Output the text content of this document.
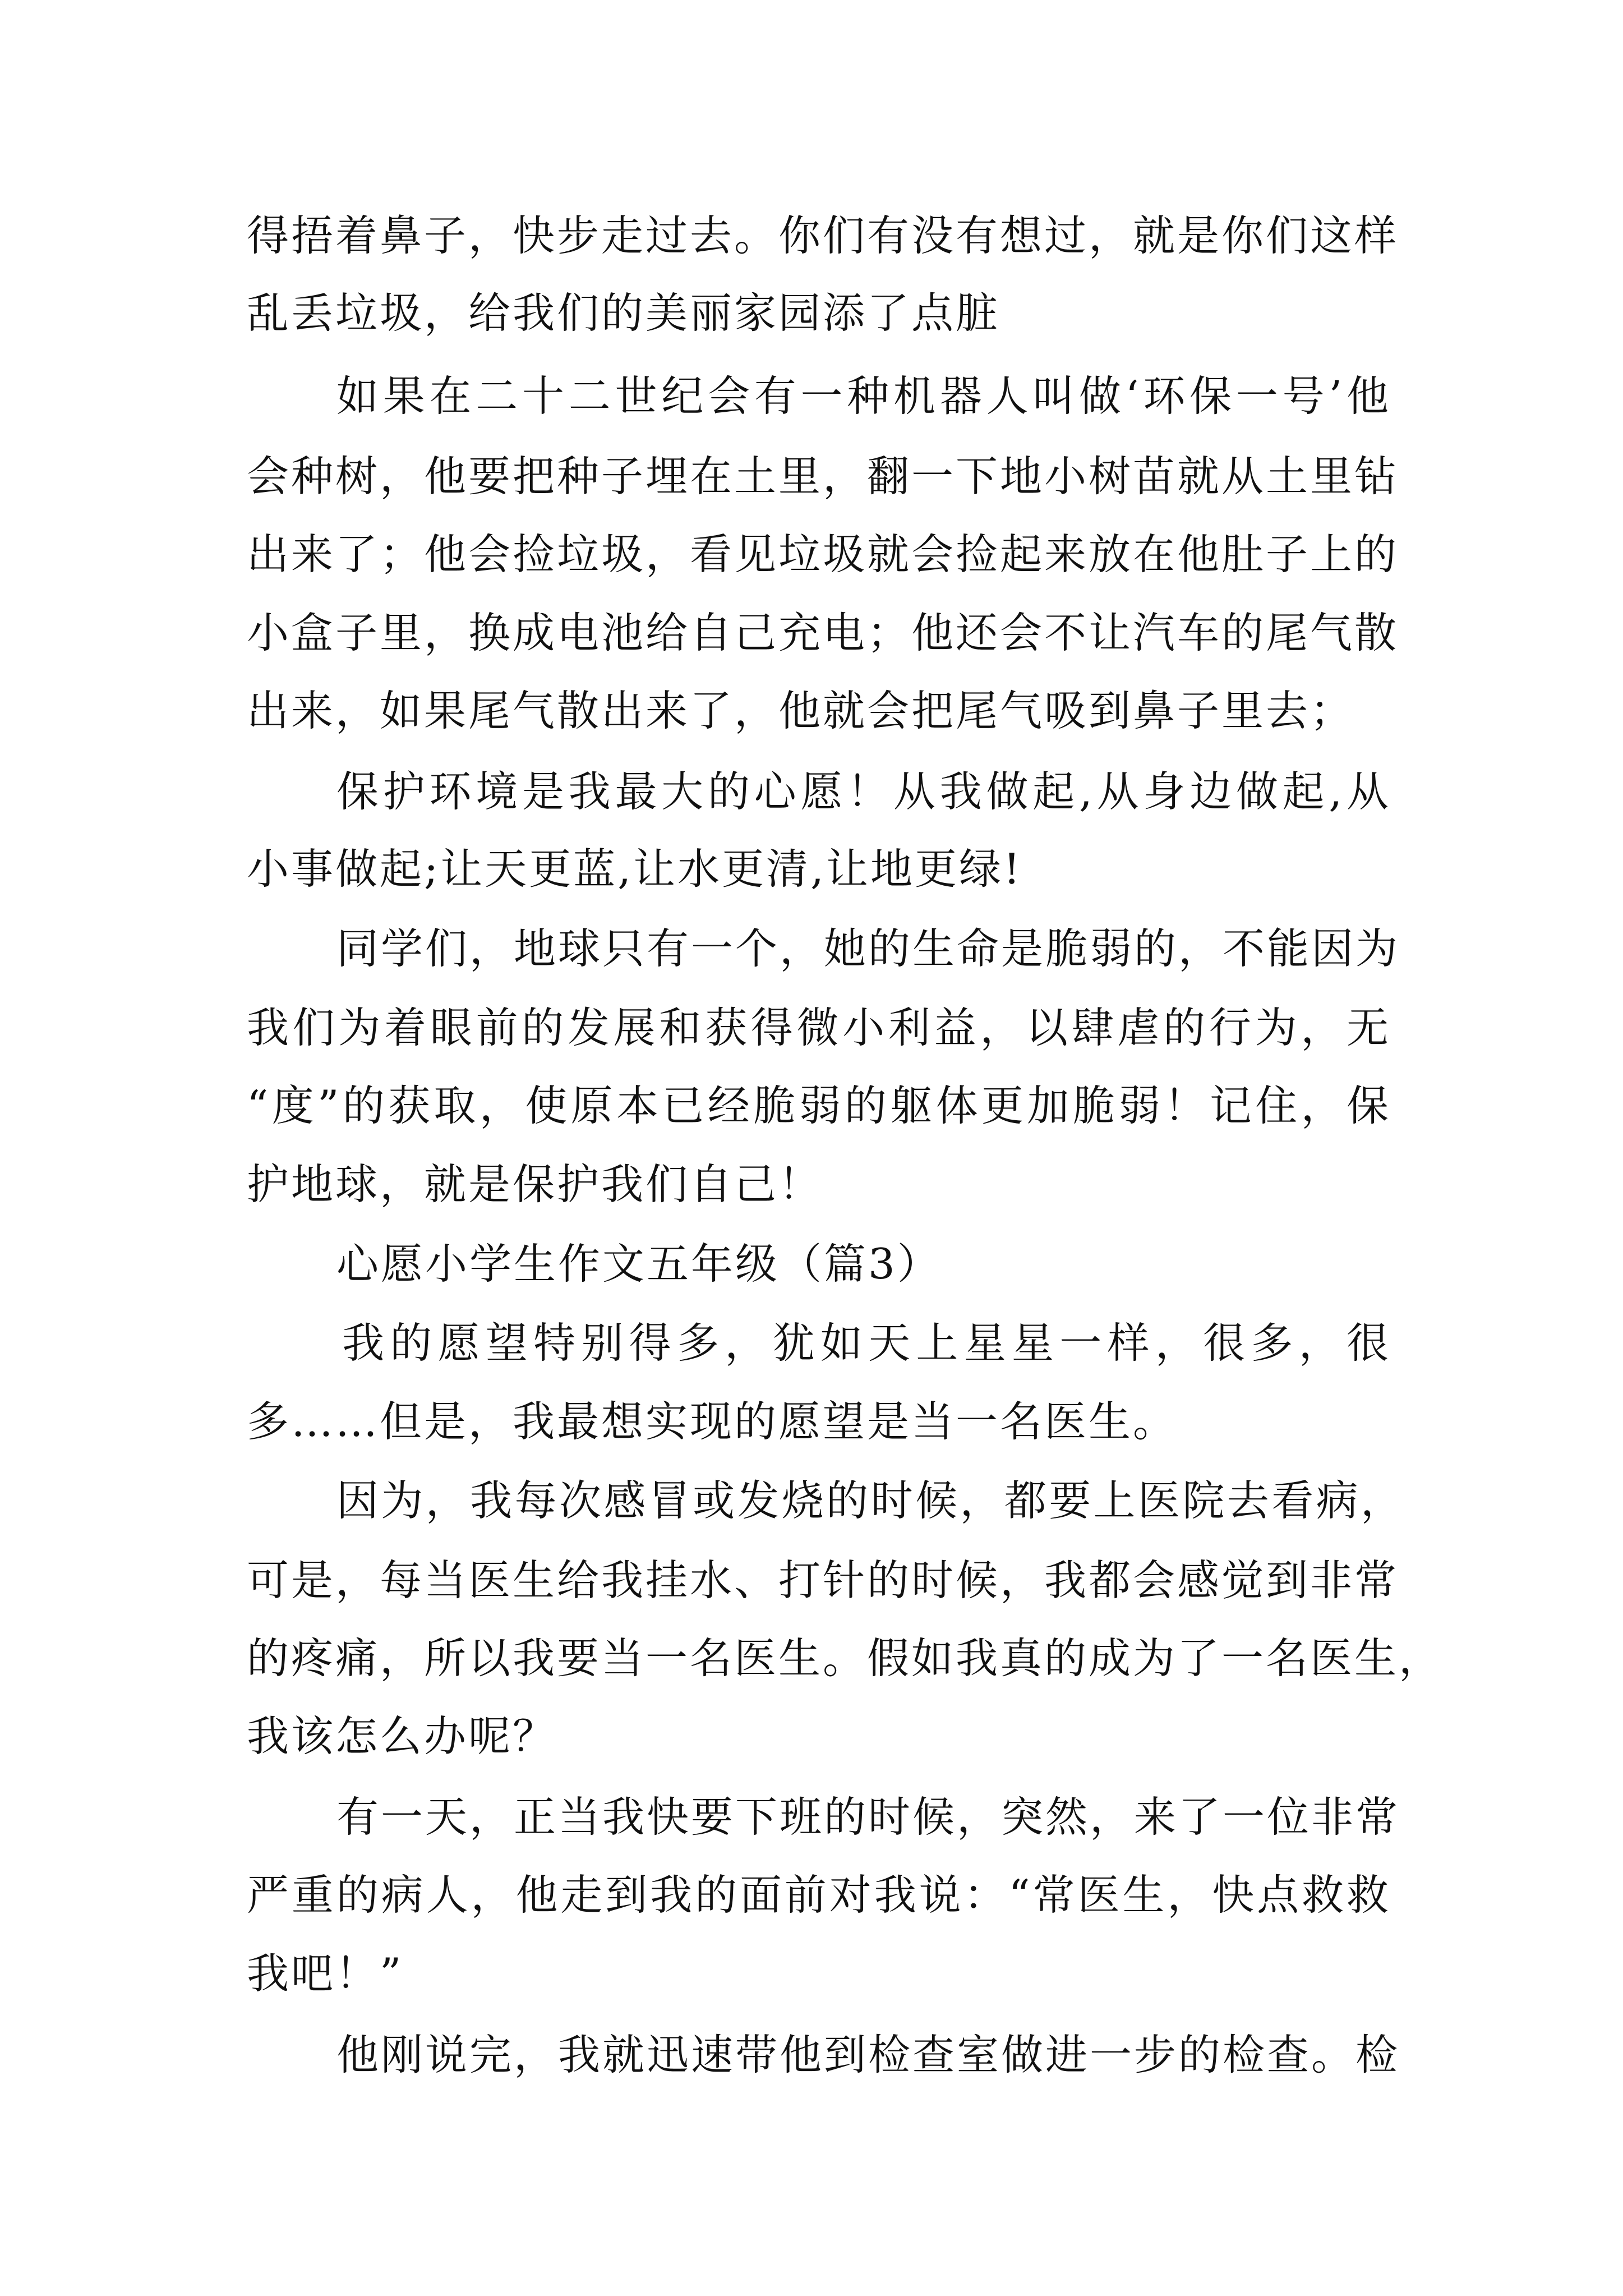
得捂着鼻子，快步走过去。你们有没有想过，就是你们这样
乱丢垃圾，给我们的美丽家园添了点脏
如果在二十二世纪会有一种机器人叫做‘环保一号’他
会种树，他要把种子埋在土里，翻一下地小树苗就从土里钻
出来了；他会捡垃圾，看见垃圾就会捡起来放在他肚子上的
小盒子里，换成电池给自己充电；他还会不让汽车的尾气散
出来，如果尾气散出来了，他就会把尾气吸到鼻子里去；
保护环境是我最大的心愿！从我做起,从身边做起,从
小事做起;让天更蓝,让水更清,让地更绿!
同学们，地球只有一个，她的生命是脆弱的，不能因为
我们为着眼前的发展和获得微小利益，以肆虐的行为，无
“度”的获取，使原本已经脆弱的躯体更加脆弱！记住，保
护地球，就是保护我们自己！
心愿小学生作文五年级（篇3）
我的愿望特别得多，犹如天上星星一样，很多，很
多……但是，我最想实现的愿望是当一名医生。
因为，我每次感冒或发烧的时候，都要上医院去看病，
可是，每当医生给我挂水、打针的时候，我都会感觉到非常
的疼痛，所以我要当一名医生。假如我真的成为了一名医生，
我该怎么办呢？
有一天，正当我快要下班的时候，突然，来了一位非常
严重的病人，他走到我的面前对我说：“常医生，快点救救
我吧！”
他刚说完，我就迅速带他到检查室做进一步的检查。检
